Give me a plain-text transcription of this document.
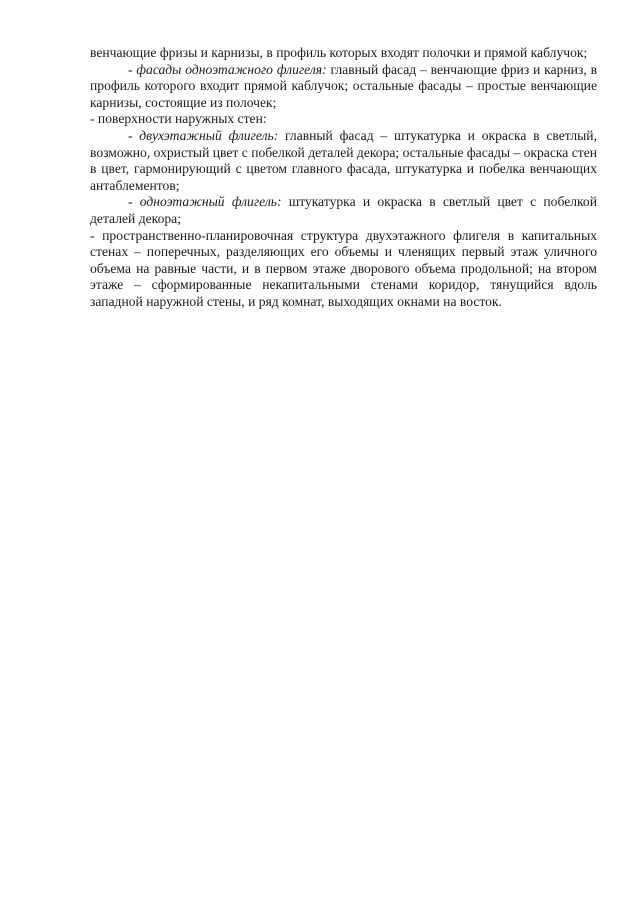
венчающие фризы и карнизы, в профиль которых входят полочки и прямой каблучок;

- фасады одноэтажного флигеля: главный фасад – венчающие фриз и карниз, в профиль которого входит прямой каблучок; остальные фасады – простые венчающие карнизы, состоящие из полочек;

- поверхности наружных стен:

- двухэтажный флигель: главный фасад – штукатурка и окраска в светлый, возможно, охристый цвет с побелкой деталей декора; остальные фасады – окраска стен в цвет, гармонирующий с цветом главного фасада, штукатурка и побелка венчающих антаблементов;

- одноэтажный флигель: штукатурка и окраска в светлый цвет с побелкой деталей декора;

- пространственно-планировочная структура двухэтажного флигеля в капитальных стенах – поперечных, разделяющих его объемы и членящих первый этаж уличного объема на равные части, и в первом этаже дворового объема продольной; на втором этаже – сформированные некапитальными стенами коридор, тянущийся вдоль западной наружной стены, и ряд комнат, выходящих окнами на восток.
